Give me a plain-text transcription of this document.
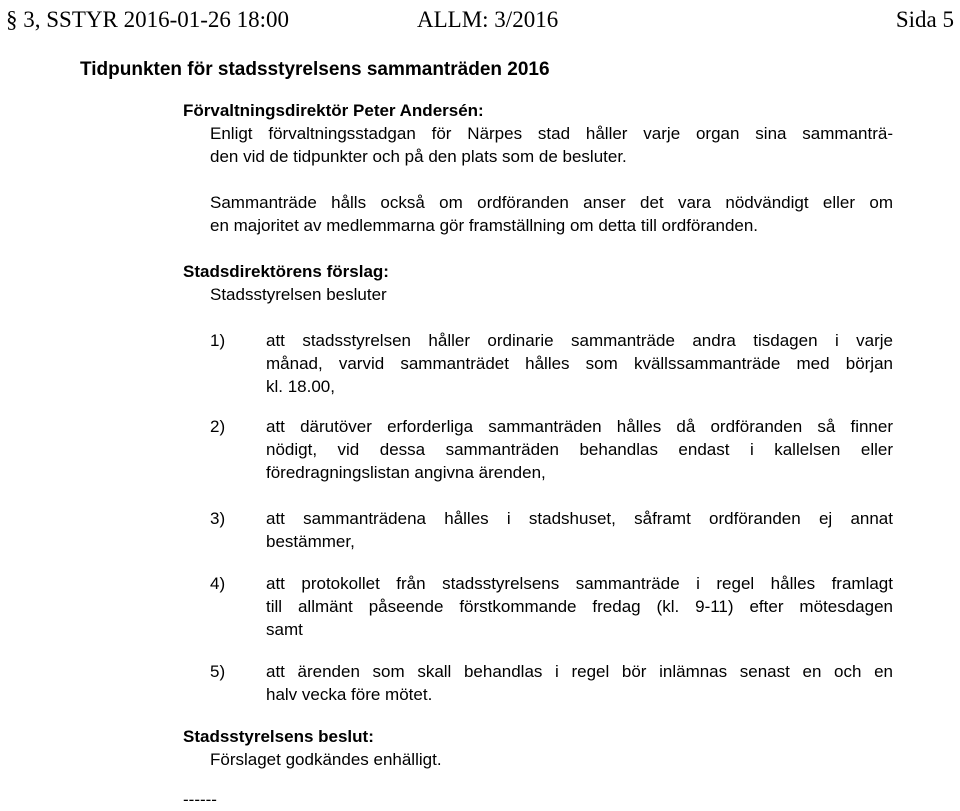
§ 3, SSTYR 2016-01-26 18:00	ALLM: 3/2016	Sida 5
Tidpunkten för stadsstyrelsens sammanträden 2016
Förvaltningsdirektör Peter Andersén:
Enligt förvaltningsstadgan för Närpes stad håller varje organ sina sammanträ-
den vid de tidpunkter och på den plats som de besluter.
Sammanträde hålls också om ordföranden anser det vara nödvändigt eller om
en majoritet av medlemmarna gör framställning om detta till ordföranden.
Stadsdirektörens förslag:
Stadsstyrelsen besluter
1) att stadsstyrelsen håller ordinarie sammanträde andra tisdagen i varje
månad, varvid sammanträdet hålles som kvällssammanträde med början
kl. 18.00,
2) att därutöver erforderliga sammanträden hålles då ordföranden så finner
nödigt, vid dessa sammanträden behandlas endast i kallelsen eller
föredragningslistan angivna ärenden,
3) att sammanträdena hålles i stadshuset, såframt ordföranden ej annat
bestämmer,
4) att protokollet från stadsstyrelsens sammanträde i regel hålles framlagt
till allmänt påseende förstkommande fredag (kl. 9-11) efter mötesdagen
samt
5) att ärenden som skall behandlas i regel bör inlämnas senast en och en
halv vecka före mötet.
Stadsstyrelsens beslut:
Förslaget godkändes enhälligt.
------
